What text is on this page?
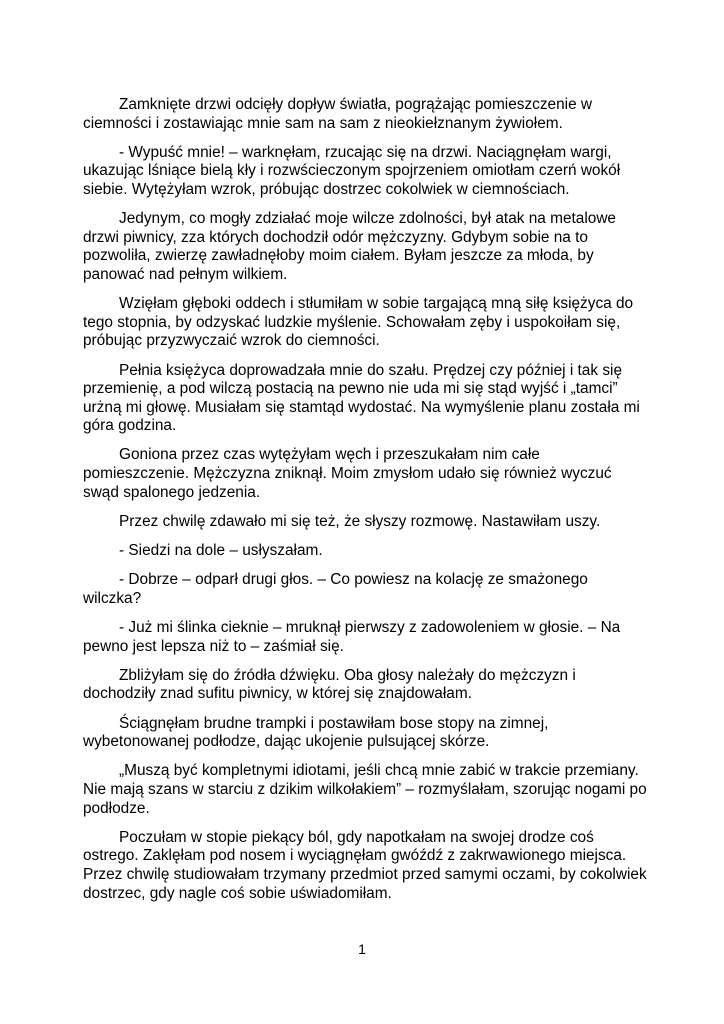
Zamknięte drzwi odcięły dopływ światła, pogrążając pomieszczenie w ciemności i zostawiając mnie sam na sam z nieokiełznanym żywiołem.

- Wypuść mnie! – warknęłam, rzucając się na drzwi. Naciągnęłam wargi, ukazując lśniące bielą kły i rozwścieczonym spojrzeniem omiotłam czerń wokół siebie. Wytężyłam wzrok, próbując dostrzec cokolwiek w ciemnościach.

Jedynym, co mogły zdziałać moje wilcze zdolności, był atak na metalowe drzwi piwnicy, zza których dochodził odór mężczyzny. Gdybym sobie na to pozwoliła, zwierzę zawładnęłoby moim ciałem. Byłam jeszcze za młoda, by panować nad pełnym wilkiem.

Wzięłam głęboki oddech i stłumiłam w sobie targającą mną siłę księżyca do tego stopnia, by odzyskać ludzkie myślenie. Schowałam zęby i uspokoiłam się, próbując przyzwyczaić wzrok do ciemności.

Pełnia księżyca doprowadzała mnie do szału. Prędzej czy później i tak się przemienię, a pod wilczą postacią na pewno nie uda mi się stąd wyjść i „tamci” urżną mi głowę. Musiałam się stamtąd wydostać. Na wymyślenie planu została mi góra godzina.

Goniona przez czas wytężyłam węch i przeszukałam nim całe pomieszczenie. Mężczyzna zniknął. Moim zmysłom udało się również wyczuć swąd spalonego jedzenia.

Przez chwilę zdawało mi się też, że słyszy rozmowę. Nastawiłam uszy.

- Siedzi na dole – usłyszałam.

- Dobrze – odparł drugi głos. – Co powiesz na kolację ze smażonego wilczka?

- Już mi ślinka cieknie – mruknął pierwszy z zadowoleniem w głosie. – Na pewno jest lepsza niż to – zaśmiał się.

Zbliżyłam się do źródła dźwięku. Oba głosy należały do mężczyzn i dochodziły znad sufitu piwnicy, w której się znajdowałam.

Ściągnęłam brudne trampki i postawiłam bose stopy na zimnej, wybetonowanej podłodze, dając ukojenie pulsującej skórze.

„Muszą być kompletnymi idiotami, jeśli chcą mnie zabić w trakcie przemiany. Nie mają szans w starciu z dzikim wilkołakiem” – rozmyślałam, szorując nogami po podłodze.

Poczułam w stopie piekący ból, gdy napotkałam na swojej drodze coś ostrego. Zaklęłam pod nosem i wyciągnęłam gwóźdź z zakrwawionego miejsca. Przez chwilę studiowałam trzymany przedmiot przed samymi oczami, by cokolwiek dostrzec, gdy nagle coś sobie uświadomiłam.

1
